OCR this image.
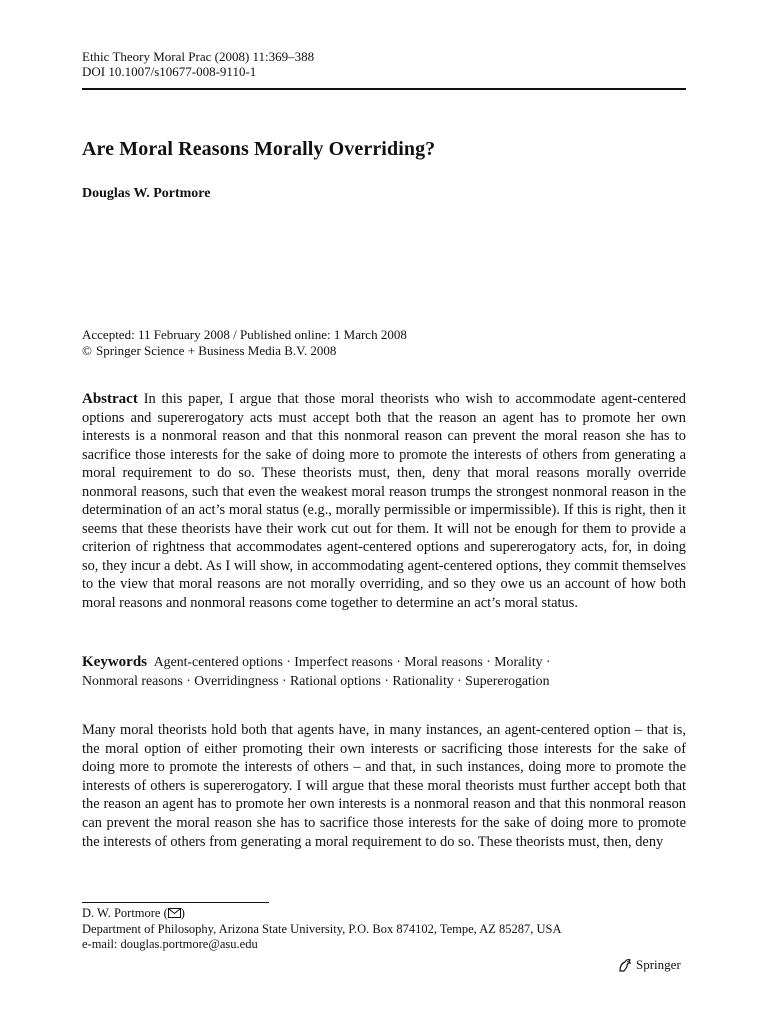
Ethic Theory Moral Prac (2008) 11:369–388
DOI 10.1007/s10677-008-9110-1
Are Moral Reasons Morally Overriding?
Douglas W. Portmore
Accepted: 11 February 2008 / Published online: 1 March 2008
© Springer Science + Business Media B.V. 2008
Abstract In this paper, I argue that those moral theorists who wish to accommodate agent-centered options and supererogatory acts must accept both that the reason an agent has to promote her own interests is a nonmoral reason and that this nonmoral reason can prevent the moral reason she has to sacrifice those interests for the sake of doing more to promote the interests of others from generating a moral requirement to do so. These theorists must, then, deny that moral reasons morally override nonmoral reasons, such that even the weakest moral reason trumps the strongest nonmoral reason in the determination of an act’s moral status (e.g., morally permissible or impermissible). If this is right, then it seems that these theorists have their work cut out for them. It will not be enough for them to provide a criterion of rightness that accommodates agent-centered options and supererogatory acts, for, in doing so, they incur a debt. As I will show, in accommodating agent-centered options, they commit themselves to the view that moral reasons are not morally overriding, and so they owe us an account of how both moral reasons and nonmoral reasons come together to determine an act’s moral status.
Keywords Agent-centered options · Imperfect reasons · Moral reasons · Morality ·
Nonmoral reasons · Overridingness · Rational options · Rationality · Supererogation
Many moral theorists hold both that agents have, in many instances, an agent-centered option – that is, the moral option of either promoting their own interests or sacrificing those interests for the sake of doing more to promote the interests of others – and that, in such instances, doing more to promote the interests of others is supererogatory. I will argue that these moral theorists must further accept both that the reason an agent has to promote her own interests is a nonmoral reason and that this nonmoral reason can prevent the moral reason she has to sacrifice those interests for the sake of doing more to promote the interests of others from generating a moral requirement to do so. These theorists must, then, deny
D. W. Portmore ( )
Department of Philosophy, Arizona State University, P.O. Box 874102, Tempe, AZ 85287, USA
e-mail: douglas.portmore@asu.edu
Springer
